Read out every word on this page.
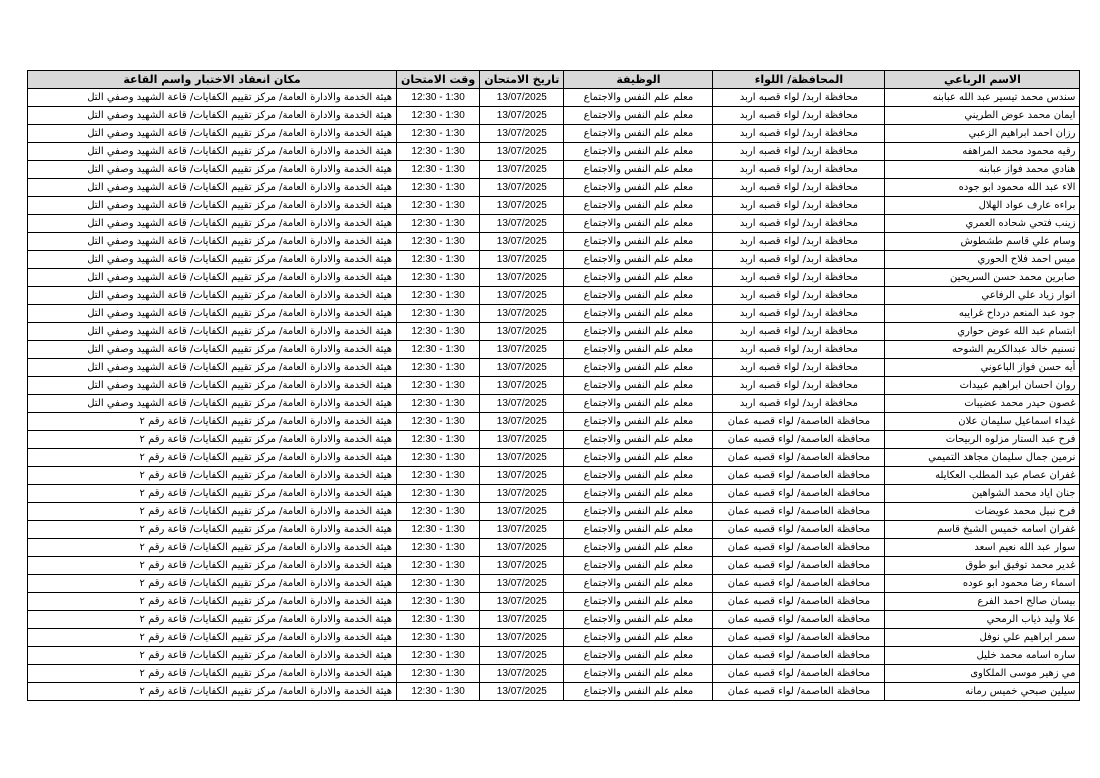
الاسم الرباعي	المحافظة/ اللواء	الوظيفة	تاريخ الامتحان	وقت الامتحان	مكان انعقاد الاختبار واسم القاعة
سندس محمد تيسير عبد الله عبابنه	محافظة اربد/ لواء قصبه اربد	معلم علم النفس والاجتماع	13/07/2025	12:30 - 1:30	هيئة الخدمة والادارة العامة/ مركز تقييم الكفايات/ قاعة الشهيد وصفي التل
ايمان محمد عوض الطريني	محافظة اربد/ لواء قصبه اربد	معلم علم النفس والاجتماع	13/07/2025	12:30 - 1:30	هيئة الخدمة والادارة العامة/ مركز تقييم الكفايات/ قاعة الشهيد وصفي التل
رزان احمد ابراهيم الزعبي	محافظة اربد/ لواء قصبه اربد	معلم علم النفس والاجتماع	13/07/2025	12:30 - 1:30	هيئة الخدمة والادارة العامة/ مركز تقييم الكفايات/ قاعة الشهيد وصفي التل
رقيه محمود محمد المراهفه	محافظة اربد/ لواء قصبه اربد	معلم علم النفس والاجتماع	13/07/2025	12:30 - 1:30	هيئة الخدمة والادارة العامة/ مركز تقييم الكفايات/ قاعة الشهيد وصفي التل
هنادي محمد فواز عبابنه	محافظة اربد/ لواء قصبه اربد	معلم علم النفس والاجتماع	13/07/2025	12:30 - 1:30	هيئة الخدمة والادارة العامة/ مركز تقييم الكفايات/ قاعة الشهيد وصفي التل
الاء عبد الله محمود ابو جوده	محافظة اربد/ لواء قصبه اربد	معلم علم النفس والاجتماع	13/07/2025	12:30 - 1:30	هيئة الخدمة والادارة العامة/ مركز تقييم الكفايات/ قاعة الشهيد وصفي التل
براءه عارف عواد الهلال	محافظة اربد/ لواء قصبه اربد	معلم علم النفس والاجتماع	13/07/2025	12:30 - 1:30	هيئة الخدمة والادارة العامة/ مركز تقييم الكفايات/ قاعة الشهيد وصفي التل
زينب فتحي شحاده العمري	محافظة اربد/ لواء قصبه اربد	معلم علم النفس والاجتماع	13/07/2025	12:30 - 1:30	هيئة الخدمة والادارة العامة/ مركز تقييم الكفايات/ قاعة الشهيد وصفي التل
وسام علي قاسم طشطوش	محافظة اربد/ لواء قصبه اربد	معلم علم النفس والاجتماع	13/07/2025	12:30 - 1:30	هيئة الخدمة والادارة العامة/ مركز تقييم الكفايات/ قاعة الشهيد وصفي التل
ميس احمد فلاح الحوري	محافظة اربد/ لواء قصبه اربد	معلم علم النفس والاجتماع	13/07/2025	12:30 - 1:30	هيئة الخدمة والادارة العامة/ مركز تقييم الكفايات/ قاعة الشهيد وصفي التل
صابرين محمد حسن السريحين	محافظة اربد/ لواء قصبه اربد	معلم علم النفس والاجتماع	13/07/2025	12:30 - 1:30	هيئة الخدمة والادارة العامة/ مركز تقييم الكفايات/ قاعة الشهيد وصفي التل
انوار زياد علي الرفاعي	محافظة اربد/ لواء قصبه اربد	معلم علم النفس والاجتماع	13/07/2025	12:30 - 1:30	هيئة الخدمة والادارة العامة/ مركز تقييم الكفايات/ قاعة الشهيد وصفي التل
جود عبد المنعم درداح غرايبه	محافظة اربد/ لواء قصبه اربد	معلم علم النفس والاجتماع	13/07/2025	12:30 - 1:30	هيئة الخدمة والادارة العامة/ مركز تقييم الكفايات/ قاعة الشهيد وصفي التل
ابتسام عبد الله عوض حواري	محافظة اربد/ لواء قصبه اربد	معلم علم النفس والاجتماع	13/07/2025	12:30 - 1:30	هيئة الخدمة والادارة العامة/ مركز تقييم الكفايات/ قاعة الشهيد وصفي التل
تسنيم خالد عبدالكريم الشوحه	محافظة اربد/ لواء قصبه اربد	معلم علم النفس والاجتماع	13/07/2025	12:30 - 1:30	هيئة الخدمة والادارة العامة/ مركز تقييم الكفايات/ قاعة الشهيد وصفي التل
أيه حسن فواز الباعوني	محافظة اربد/ لواء قصبه اربد	معلم علم النفس والاجتماع	13/07/2025	12:30 - 1:30	هيئة الخدمة والادارة العامة/ مركز تقييم الكفايات/ قاعة الشهيد وصفي التل
روان احسان ابراهيم عبيدات	محافظة اربد/ لواء قصبه اربد	معلم علم النفس والاجتماع	13/07/2025	12:30 - 1:30	هيئة الخدمة والادارة العامة/ مركز تقييم الكفايات/ قاعة الشهيد وصفي التل
غصون حيدر محمد عضيبات	محافظة اربد/ لواء قصبه اربد	معلم علم النفس والاجتماع	13/07/2025	12:30 - 1:30	هيئة الخدمة والادارة العامة/ مركز تقييم الكفايات/ قاعة الشهيد وصفي التل
غيداء اسماعيل سليمان علان	محافظة العاصمة/ لواء قصبه عمان	معلم علم النفس والاجتماع	13/07/2025	12:30 - 1:30	هيئة الخدمة والادارة العامة/ مركز تقييم الكفايات/ قاعة رقم ٢
فرح عبد الستار مزلوه الربيحات	محافظة العاصمة/ لواء قصبه عمان	معلم علم النفس والاجتماع	13/07/2025	12:30 - 1:30	هيئة الخدمة والادارة العامة/ مركز تقييم الكفايات/ قاعة رقم ٢
نرمين جمال سليمان مجاهد التميمي	محافظة العاصمة/ لواء قصبه عمان	معلم علم النفس والاجتماع	13/07/2025	12:30 - 1:30	هيئة الخدمة والادارة العامة/ مركز تقييم الكفايات/ قاعة رقم ٢
غفران عصام عبد المطلب العكايله	محافظة العاصمة/ لواء قصبه عمان	معلم علم النفس والاجتماع	13/07/2025	12:30 - 1:30	هيئة الخدمة والادارة العامة/ مركز تقييم الكفايات/ قاعة رقم ٢
جنان اياد محمد الشواهين	محافظة العاصمة/ لواء قصبه عمان	معلم علم النفس والاجتماع	13/07/2025	12:30 - 1:30	هيئة الخدمة والادارة العامة/ مركز تقييم الكفايات/ قاعة رقم ٢
فرح نبيل محمد عويضات	محافظة العاصمة/ لواء قصبه عمان	معلم علم النفس والاجتماع	13/07/2025	12:30 - 1:30	هيئة الخدمة والادارة العامة/ مركز تقييم الكفايات/ قاعة رقم ٢
غفران اسامه خميس الشيخ قاسم	محافظة العاصمة/ لواء قصبه عمان	معلم علم النفس والاجتماع	13/07/2025	12:30 - 1:30	هيئة الخدمة والادارة العامة/ مركز تقييم الكفايات/ قاعة رقم ٢
سوار عبد الله نعيم اسعد	محافظة العاصمة/ لواء قصبه عمان	معلم علم النفس والاجتماع	13/07/2025	12:30 - 1:30	هيئة الخدمة والادارة العامة/ مركز تقييم الكفايات/ قاعة رقم ٢
غدير محمد توفيق ابو طوق	محافظة العاصمة/ لواء قصبه عمان	معلم علم النفس والاجتماع	13/07/2025	12:30 - 1:30	هيئة الخدمة والادارة العامة/ مركز تقييم الكفايات/ قاعة رقم ٢
اسماء رضا محمود ابو عوده	محافظة العاصمة/ لواء قصبه عمان	معلم علم النفس والاجتماع	13/07/2025	12:30 - 1:30	هيئة الخدمة والادارة العامة/ مركز تقييم الكفايات/ قاعة رقم ٢
بيسان صالح احمد الفرع	محافظة العاصمة/ لواء قصبه عمان	معلم علم النفس والاجتماع	13/07/2025	12:30 - 1:30	هيئة الخدمة والادارة العامة/ مركز تقييم الكفايات/ قاعة رقم ٢
علا وليد ذياب الرمحي	محافظة العاصمة/ لواء قصبه عمان	معلم علم النفس والاجتماع	13/07/2025	12:30 - 1:30	هيئة الخدمة والادارة العامة/ مركز تقييم الكفايات/ قاعة رقم ٢
سمر ابراهيم علي نوفل	محافظة العاصمة/ لواء قصبه عمان	معلم علم النفس والاجتماع	13/07/2025	12:30 - 1:30	هيئة الخدمة والادارة العامة/ مركز تقييم الكفايات/ قاعة رقم ٢
ساره اسامه محمد خليل	محافظة العاصمة/ لواء قصبه عمان	معلم علم النفس والاجتماع	13/07/2025	12:30 - 1:30	هيئة الخدمة والادارة العامة/ مركز تقييم الكفايات/ قاعة رقم ٢
مي زهير موسى الملكاوى	محافظة العاصمة/ لواء قصبه عمان	معلم علم النفس والاجتماع	13/07/2025	12:30 - 1:30	هيئة الخدمة والادارة العامة/ مركز تقييم الكفايات/ قاعة رقم ٢
سيلين صبحي خميس رمانه	محافظة العاصمة/ لواء قصبه عمان	معلم علم النفس والاجتماع	13/07/2025	12:30 - 1:30	هيئة الخدمة والادارة العامة/ مركز تقييم الكفايات/ قاعة رقم ٢
